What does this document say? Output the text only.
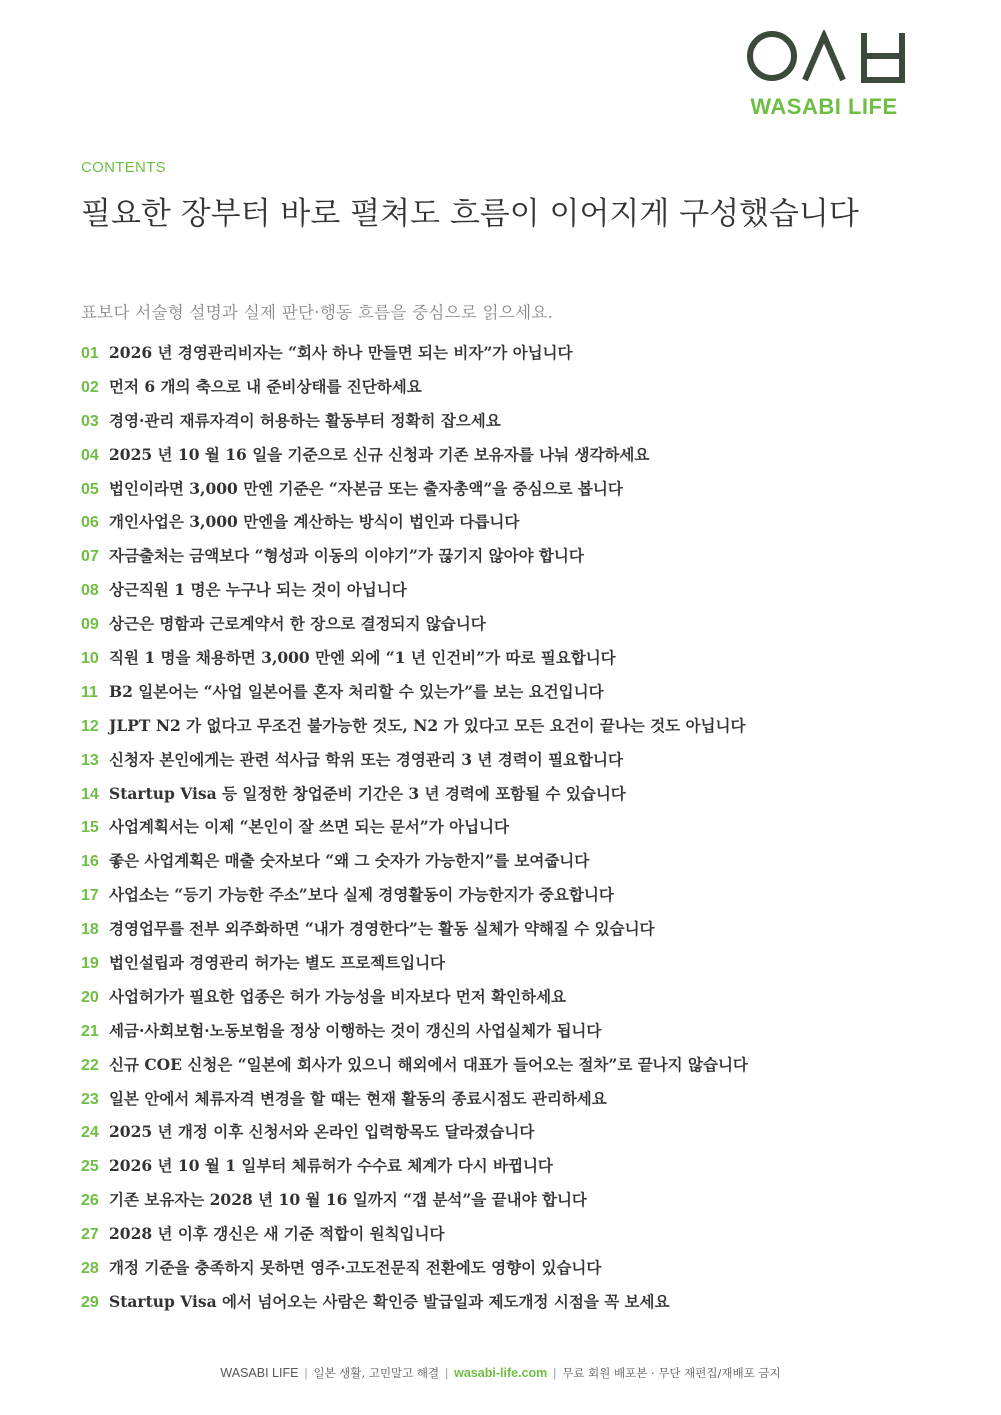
WASABI LIFE
CONTENTS
필요한 장부터 바로 펼쳐도 흐름이 이어지게 구성했습니다
표보다 서술형 설명과 실제 판단·행동 흐름을 중심으로 읽으세요.
01 2026 년 경영관리비자는 “회사 하나 만들면 되는 비자”가 아닙니다
02 먼저 6 개의 축으로 내 준비상태를 진단하세요
03 경영·관리 재류자격이 허용하는 활동부터 정확히 잡으세요
04 2025 년 10 월 16 일을 기준으로 신규 신청과 기존 보유자를 나눠 생각하세요
05 법인이라면 3,000 만엔 기준은 “자본금 또는 출자총액”을 중심으로 봅니다
06 개인사업은 3,000 만엔을 계산하는 방식이 법인과 다릅니다
07 자금출처는 금액보다 “형성과 이동의 이야기”가 끊기지 않아야 합니다
08 상근직원 1 명은 누구나 되는 것이 아닙니다
09 상근은 명함과 근로계약서 한 장으로 결정되지 않습니다
10 직원 1 명을 채용하면 3,000 만엔 외에 “1 년 인건비”가 따로 필요합니다
11 B2 일본어는 “사업 일본어를 혼자 처리할 수 있는가”를 보는 요건입니다
12 JLPT N2 가 없다고 무조건 불가능한 것도, N2 가 있다고 모든 요건이 끝나는 것도 아닙니다
13 신청자 본인에게는 관련 석사급 학위 또는 경영관리 3 년 경력이 필요합니다
14 Startup Visa 등 일정한 창업준비 기간은 3 년 경력에 포함될 수 있습니다
15 사업계획서는 이제 “본인이 잘 쓰면 되는 문서”가 아닙니다
16 좋은 사업계획은 매출 숫자보다 “왜 그 숫자가 가능한지”를 보여줍니다
17 사업소는 “등기 가능한 주소”보다 실제 경영활동이 가능한지가 중요합니다
18 경영업무를 전부 외주화하면 “내가 경영한다”는 활동 실체가 약해질 수 있습니다
19 법인설립과 경영관리 허가는 별도 프로젝트입니다
20 사업허가가 필요한 업종은 허가 가능성을 비자보다 먼저 확인하세요
21 세금·사회보험·노동보험을 정상 이행하는 것이 갱신의 사업실체가 됩니다
22 신규 COE 신청은 “일본에 회사가 있으니 해외에서 대표가 들어오는 절차”로 끝나지 않습니다
23 일본 안에서 체류자격 변경을 할 때는 현재 활동의 종료시점도 관리하세요
24 2025 년 개정 이후 신청서와 온라인 입력항목도 달라졌습니다
25 2026 년 10 월 1 일부터 체류허가 수수료 체계가 다시 바뀝니다
26 기존 보유자는 2028 년 10 월 16 일까지 “갭 분석”을 끝내야 합니다
27 2028 년 이후 갱신은 새 기준 적합이 원칙입니다
28 개정 기준을 충족하지 못하면 영주·고도전문직 전환에도 영향이 있습니다
29 Startup Visa 에서 넘어오는 사람은 확인증 발급일과 제도개정 시점을 꼭 보세요
WASABI LIFE | 일본 생활, 고민말고 해결 | wasabi-life.com | 무료 회원 배포본 · 무단 재편집/재배포 금지
